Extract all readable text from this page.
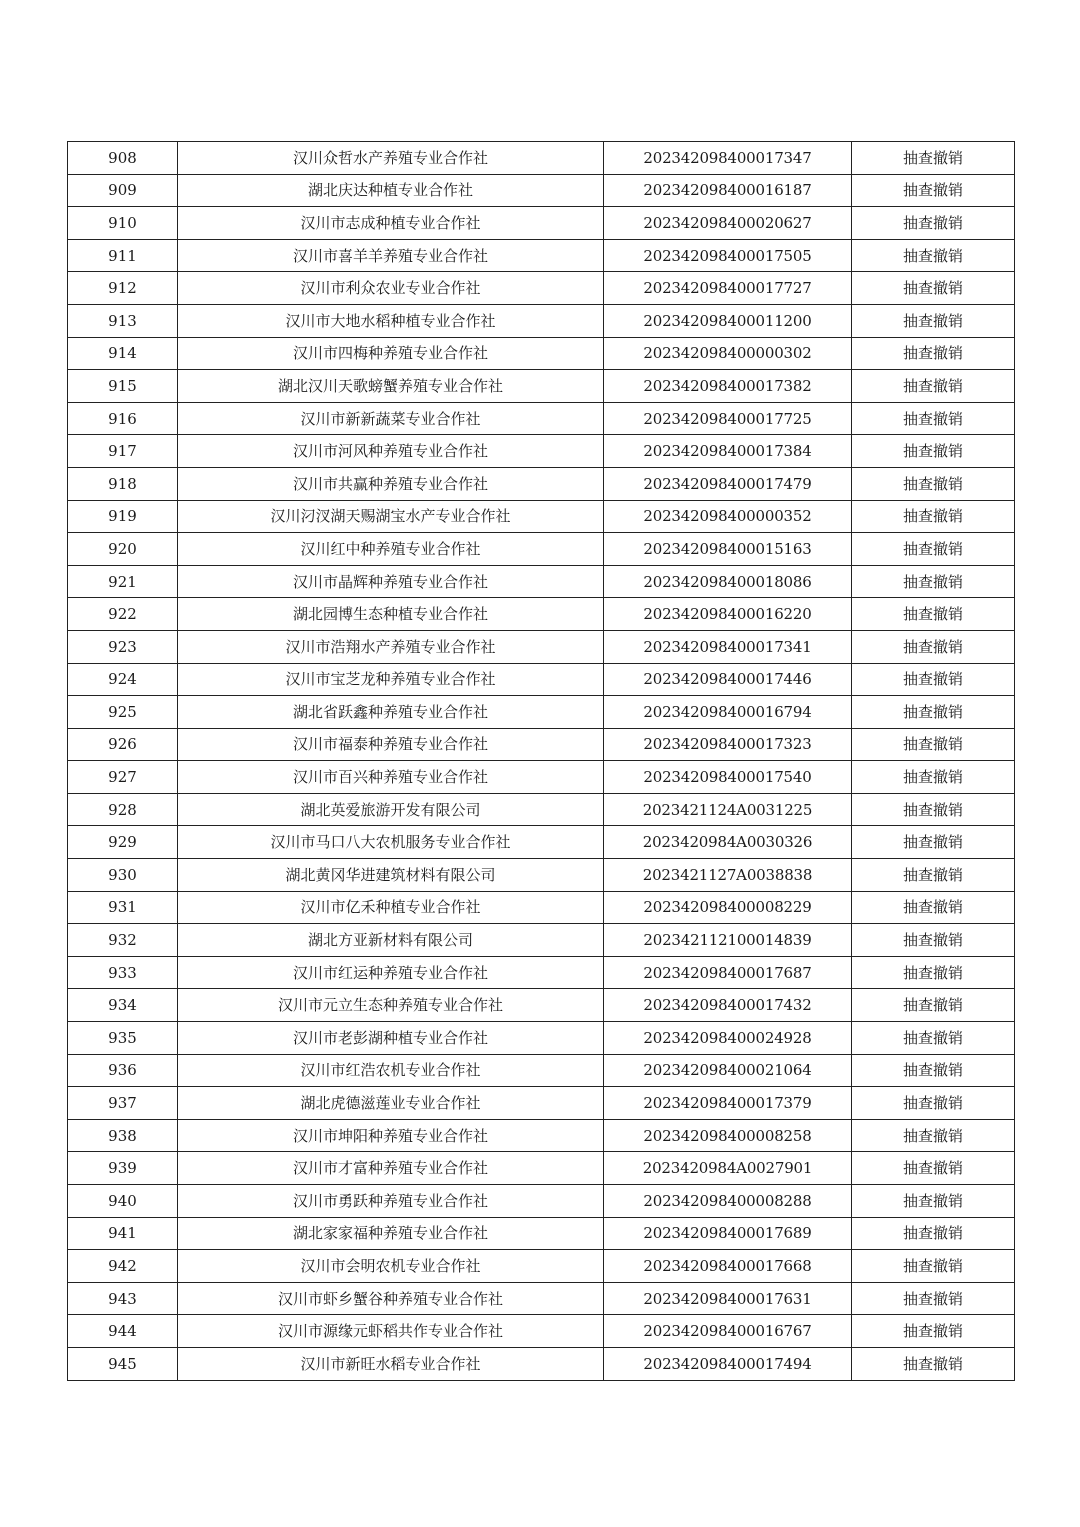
908	汉川众哲水产养殖专业合作社	202342098400017347	抽查撤销
909	湖北庆达种植专业合作社	202342098400016187	抽查撤销
910	汉川市志成种植专业合作社	202342098400020627	抽查撤销
911	汉川市喜羊羊养殖专业合作社	202342098400017505	抽查撤销
912	汉川市利众农业专业合作社	202342098400017727	抽查撤销
913	汉川市大地水稻种植专业合作社	202342098400011200	抽查撤销
914	汉川市四梅种养殖专业合作社	202342098400000302	抽查撤销
915	湖北汉川天歌螃蟹养殖专业合作社	202342098400017382	抽查撤销
916	汉川市新新蔬菜专业合作社	202342098400017725	抽查撤销
917	汉川市河风种养殖专业合作社	202342098400017384	抽查撤销
918	汉川市共赢种养殖专业合作社	202342098400017479	抽查撤销
919	汉川汈汊湖天赐湖宝水产专业合作社	202342098400000352	抽查撤销
920	汉川红中种养殖专业合作社	202342098400015163	抽查撤销
921	汉川市晶辉种养殖专业合作社	202342098400018086	抽查撤销
922	湖北园博生态种植专业合作社	202342098400016220	抽查撤销
923	汉川市浩翔水产养殖专业合作社	202342098400017341	抽查撤销
924	汉川市宝芝龙种养殖专业合作社	202342098400017446	抽查撤销
925	湖北省跃鑫种养殖专业合作社	202342098400016794	抽查撤销
926	汉川市福泰种养殖专业合作社	202342098400017323	抽查撤销
927	汉川市百兴种养殖专业合作社	202342098400017540	抽查撤销
928	湖北英爱旅游开发有限公司	2023421124A0031225	抽查撤销
929	汉川市马口八大农机服务专业合作社	2023420984A0030326	抽查撤销
930	湖北黄冈华进建筑材料有限公司	2023421127A0038838	抽查撤销
931	汉川市亿禾种植专业合作社	202342098400008229	抽查撤销
932	湖北方亚新材料有限公司	202342112100014839	抽查撤销
933	汉川市红运种养殖专业合作社	202342098400017687	抽查撤销
934	汉川市元立生态种养殖专业合作社	202342098400017432	抽查撤销
935	汉川市老彭湖种植专业合作社	202342098400024928	抽查撤销
936	汉川市红浩农机专业合作社	202342098400021064	抽查撤销
937	湖北虎德滋莲业专业合作社	202342098400017379	抽查撤销
938	汉川市坤阳种养殖专业合作社	202342098400008258	抽查撤销
939	汉川市才富种养殖专业合作社	2023420984A0027901	抽查撤销
940	汉川市勇跃种养殖专业合作社	202342098400008288	抽查撤销
941	湖北家家福种养殖专业合作社	202342098400017689	抽查撤销
942	汉川市会明农机专业合作社	202342098400017668	抽查撤销
943	汉川市虾乡蟹谷种养殖专业合作社	202342098400017631	抽查撤销
944	汉川市源缘元虾稻共作专业合作社	202342098400016767	抽查撤销
945	汉川市新旺水稻专业合作社	202342098400017494	抽查撤销
